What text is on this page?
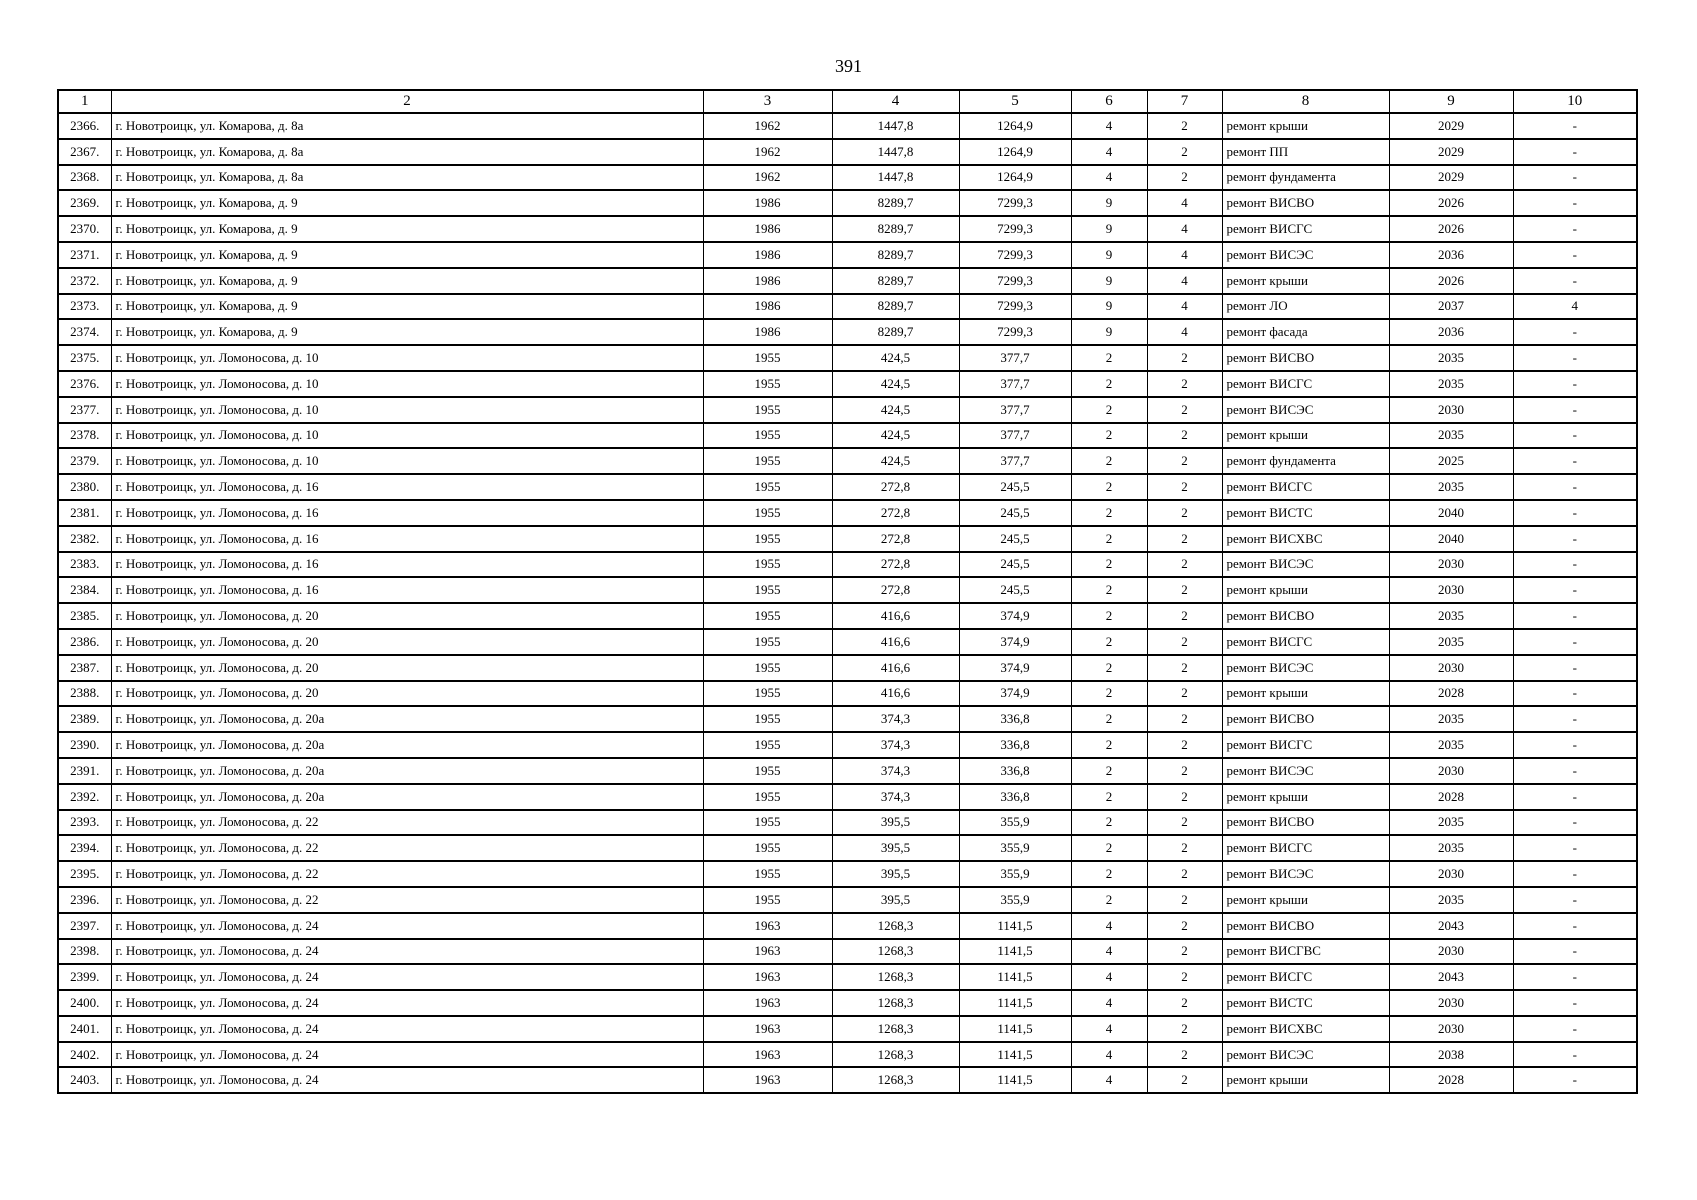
391
1	2	3	4	5	6	7	8	9	10
2366.	г. Новотроицк, ул. Комарова, д. 8а	1962	1447,8	1264,9	4	2	ремонт крыши	2029	-
2367.	г. Новотроицк, ул. Комарова, д. 8а	1962	1447,8	1264,9	4	2	ремонт ПП	2029	-
2368.	г. Новотроицк, ул. Комарова, д. 8а	1962	1447,8	1264,9	4	2	ремонт фундамента	2029	-
2369.	г. Новотроицк, ул. Комарова, д. 9	1986	8289,7	7299,3	9	4	ремонт ВИСВО	2026	-
2370.	г. Новотроицк, ул. Комарова, д. 9	1986	8289,7	7299,3	9	4	ремонт ВИСГС	2026	-
2371.	г. Новотроицк, ул. Комарова, д. 9	1986	8289,7	7299,3	9	4	ремонт ВИСЭС	2036	-
2372.	г. Новотроицк, ул. Комарова, д. 9	1986	8289,7	7299,3	9	4	ремонт крыши	2026	-
2373.	г. Новотроицк, ул. Комарова, д. 9	1986	8289,7	7299,3	9	4	ремонт ЛО	2037	4
2374.	г. Новотроицк, ул. Комарова, д. 9	1986	8289,7	7299,3	9	4	ремонт фасада	2036	-
2375.	г. Новотроицк, ул. Ломоносова, д. 10	1955	424,5	377,7	2	2	ремонт ВИСВО	2035	-
2376.	г. Новотроицк, ул. Ломоносова, д. 10	1955	424,5	377,7	2	2	ремонт ВИСГС	2035	-
2377.	г. Новотроицк, ул. Ломоносова, д. 10	1955	424,5	377,7	2	2	ремонт ВИСЭС	2030	-
2378.	г. Новотроицк, ул. Ломоносова, д. 10	1955	424,5	377,7	2	2	ремонт крыши	2035	-
2379.	г. Новотроицк, ул. Ломоносова, д. 10	1955	424,5	377,7	2	2	ремонт фундамента	2025	-
2380.	г. Новотроицк, ул. Ломоносова, д. 16	1955	272,8	245,5	2	2	ремонт ВИСГС	2035	-
2381.	г. Новотроицк, ул. Ломоносова, д. 16	1955	272,8	245,5	2	2	ремонт ВИСТС	2040	-
2382.	г. Новотроицк, ул. Ломоносова, д. 16	1955	272,8	245,5	2	2	ремонт ВИСХВС	2040	-
2383.	г. Новотроицк, ул. Ломоносова, д. 16	1955	272,8	245,5	2	2	ремонт ВИСЭС	2030	-
2384.	г. Новотроицк, ул. Ломоносова, д. 16	1955	272,8	245,5	2	2	ремонт крыши	2030	-
2385.	г. Новотроицк, ул. Ломоносова, д. 20	1955	416,6	374,9	2	2	ремонт ВИСВО	2035	-
2386.	г. Новотроицк, ул. Ломоносова, д. 20	1955	416,6	374,9	2	2	ремонт ВИСГС	2035	-
2387.	г. Новотроицк, ул. Ломоносова, д. 20	1955	416,6	374,9	2	2	ремонт ВИСЭС	2030	-
2388.	г. Новотроицк, ул. Ломоносова, д. 20	1955	416,6	374,9	2	2	ремонт крыши	2028	-
2389.	г. Новотроицк, ул. Ломоносова, д. 20а	1955	374,3	336,8	2	2	ремонт ВИСВО	2035	-
2390.	г. Новотроицк, ул. Ломоносова, д. 20а	1955	374,3	336,8	2	2	ремонт ВИСГС	2035	-
2391.	г. Новотроицк, ул. Ломоносова, д. 20а	1955	374,3	336,8	2	2	ремонт ВИСЭС	2030	-
2392.	г. Новотроицк, ул. Ломоносова, д. 20а	1955	374,3	336,8	2	2	ремонт крыши	2028	-
2393.	г. Новотроицк, ул. Ломоносова, д. 22	1955	395,5	355,9	2	2	ремонт ВИСВО	2035	-
2394.	г. Новотроицк, ул. Ломоносова, д. 22	1955	395,5	355,9	2	2	ремонт ВИСГС	2035	-
2395.	г. Новотроицк, ул. Ломоносова, д. 22	1955	395,5	355,9	2	2	ремонт ВИСЭС	2030	-
2396.	г. Новотроицк, ул. Ломоносова, д. 22	1955	395,5	355,9	2	2	ремонт крыши	2035	-
2397.	г. Новотроицк, ул. Ломоносова, д. 24	1963	1268,3	1141,5	4	2	ремонт ВИСВО	2043	-
2398.	г. Новотроицк, ул. Ломоносова, д. 24	1963	1268,3	1141,5	4	2	ремонт ВИСГВС	2030	-
2399.	г. Новотроицк, ул. Ломоносова, д. 24	1963	1268,3	1141,5	4	2	ремонт ВИСГС	2043	-
2400.	г. Новотроицк, ул. Ломоносова, д. 24	1963	1268,3	1141,5	4	2	ремонт ВИСТС	2030	-
2401.	г. Новотроицк, ул. Ломоносова, д. 24	1963	1268,3	1141,5	4	2	ремонт ВИСХВС	2030	-
2402.	г. Новотроицк, ул. Ломоносова, д. 24	1963	1268,3	1141,5	4	2	ремонт ВИСЭС	2038	-
2403.	г. Новотроицк, ул. Ломоносова, д. 24	1963	1268,3	1141,5	4	2	ремонт крыши	2028	-
